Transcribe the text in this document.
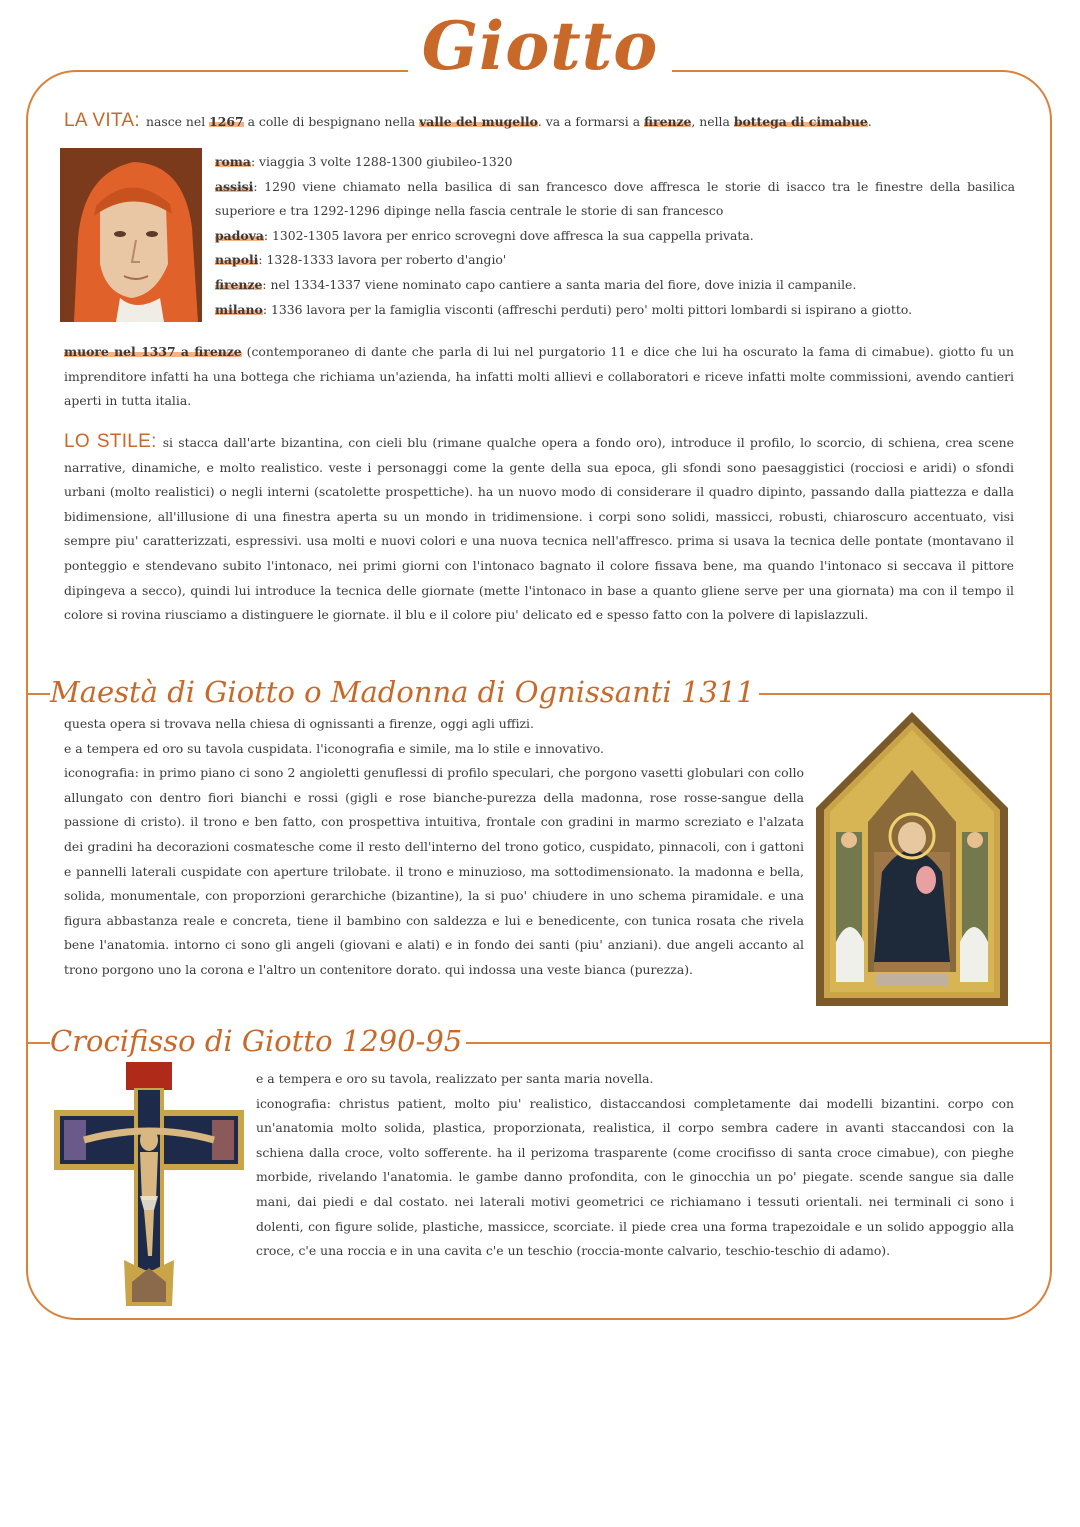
Giotto
LA VITA: nasce nel 1267 a colle di bespignano nella valle del mugello. va a formarsi a firenze, nella bottega di cimabue.
roma: viaggia 3 volte 1288-1300 giubileo-1320
assisi: 1290 viene chiamato nella basilica di san francesco dove affresca le storie di isacco tra le finestre della basilica superiore e tra 1292-1296 dipinge nella fascia centrale le storie di san francesco
padova: 1302-1305 lavora per enrico scrovegni dove affresca la sua cappella privata.
napoli: 1328-1333 lavora per roberto d'angio'
firenze: nel 1334-1337 viene nominato capo cantiere a santa maria del fiore, dove inizia il campanile.
milano: 1336 lavora per la famiglia visconti (affreschi perduti) pero' molti pittori lombardi si ispirano a giotto.
muore nel 1337 a firenze (contemporaneo di dante che parla di lui nel purgatorio 11 e dice che lui ha oscurato la fama di cimabue). giotto fu un imprenditore infatti ha una bottega che richiama un'azienda, ha infatti molti allievi e collaboratori e riceve infatti molte commissioni, avendo cantieri aperti in tutta italia.
LO STILE: si stacca dall'arte bizantina, con cieli blu (rimane qualche opera a fondo oro), introduce il profilo, lo scorcio, di schiena, crea scene narrative, dinamiche, e molto realistico. veste i personaggi come la gente della sua epoca, gli sfondi sono paesaggistici (rocciosi e aridi) o sfondi urbani (molto realistici) o negli interni (scatolette prospettiche). ha un nuovo modo di considerare il quadro dipinto, passando dalla piattezza e dalla bidimensione, all'illusione di una finestra aperta su un mondo in tridimensione. i corpi sono solidi, massicci, robusti, chiaroscuro accentuato, visi sempre piu' caratterizzati, espressivi. usa molti e nuovi colori e una nuova tecnica nell'affresco. prima si usava la tecnica delle pontate (montavano il ponteggio e stendevano subito l'intonaco, nei primi giorni con l'intonaco bagnato il colore fissava bene, ma quando l'intonaco si seccava il pittore dipingeva a secco), quindi lui introduce la tecnica delle giornate (mette l'intonaco in base a quanto gliene serve per una giornata) ma con il tempo il colore si rovina riusciamo a distinguere le giornate. il blu e il colore piu' delicato ed e spesso fatto con la polvere di lapislazzuli.
Maestà di Giotto o Madonna di Ognissanti 1311
questa opera si trovava nella chiesa di ognissanti a firenze, oggi agli uffizi.
e a tempera ed oro su tavola cuspidata. l'iconografia e simile, ma lo stile e innovativo.
iconografia: in primo piano ci sono 2 angioletti genuflessi di profilo speculari, che porgono vasetti globulari con collo allungato con dentro fiori bianchi e rossi (gigli e rose bianche-purezza della madonna, rose rosse-sangue della passione di cristo). il trono e ben fatto, con prospettiva intuitiva, frontale con gradini in marmo screziato e l'alzata dei gradini ha decorazioni cosmatesche come il resto dell'interno del trono gotico, cuspidato, pinnacoli, con i gattoni e pannelli laterali cuspidate con aperture trilobate. il trono e minuzioso, ma sottodimensionato. la madonna e bella, solida, monumentale, con proporzioni gerarchiche (bizantine), la si puo' chiudere in uno schema piramidale. e una figura abbastanza reale e concreta, tiene il bambino con saldezza e lui e benedicente, con tunica rosata che rivela bene l'anatomia. intorno ci sono gli angeli (giovani e alati) e in fondo dei santi (piu' anziani). due angeli accanto al trono porgono uno la corona e l'altro un contenitore dorato. qui indossa una veste bianca (purezza).
Crocifisso di Giotto 1290-95
e a tempera e oro su tavola, realizzato per santa maria novella.
iconografia: christus patient, molto piu' realistico, distaccandosi completamente dai modelli bizantini. corpo con un'anatomia molto solida, plastica, proporzionata, realistica, il corpo sembra cadere in avanti staccandosi con la schiena dalla croce, volto sofferente. ha il perizoma trasparente (come crocifisso di santa croce cimabue), con pieghe morbide, rivelando l'anatomia. le gambe danno profondita, con le ginocchia un po' piegate. scende sangue sia dalle mani, dai piedi e dal costato. nei laterali motivi geometrici ce richiamano i tessuti orientali. nei terminali ci sono i dolenti, con figure solide, plastiche, massicce, scorciate. il piede crea una forma trapezoidale e un solido appoggio alla croce, c'e una roccia e in una cavita c'e un teschio (roccia-monte calvario, teschio-teschio di adamo).
